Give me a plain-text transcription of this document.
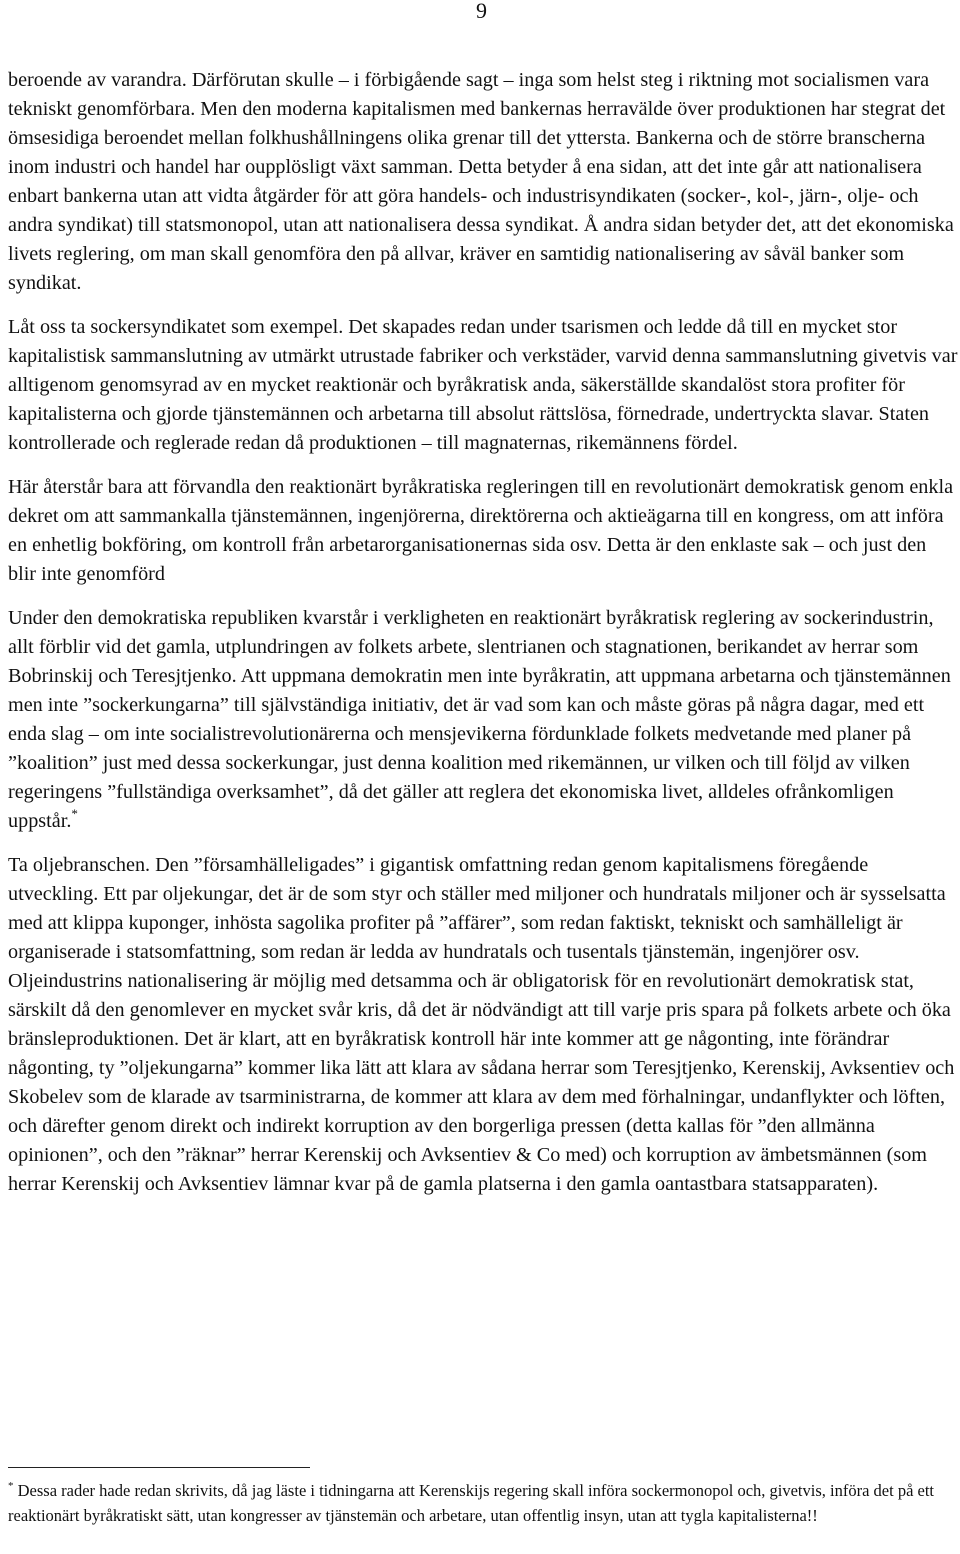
9

beroende av varandra. Därförutan skulle – i förbigående sagt – inga som helst steg i riktning mot socialismen vara tekniskt genomförbara. Men den moderna kapitalismen med bankernas herravälde över produktionen har stegrat det ömsesidiga beroendet mellan folkhushållningens olika grenar till det yttersta. Bankerna och de större branscherna inom industri och handel har oupplösligt växt samman. Detta betyder å ena sidan, att det inte går att nationalisera enbart bankerna utan att vidta åtgärder för att göra handels- och industrisyndikaten (socker-, kol-, järn-, olje- och andra syndikat) till statsmonopol, utan att nationalisera dessa syndikat. Å andra sidan betyder det, att det ekonomiska livets reglering, om man skall genomföra den på allvar, kräver en samtidig nationalisering av såväl banker som syndikat.

Låt oss ta sockersyndikatet som exempel. Det skapades redan under tsarismen och ledde då till en mycket stor kapitalistisk sammanslutning av utmärkt utrustade fabriker och verkstäder, varvid denna sammanslutning givetvis var alltigenom genomsyrad av en mycket reaktionär och byråkratisk anda, säkerställde skandalöst stora profiter för kapitalisterna och gjorde tjänstemännen och arbetarna till absolut rättslösa, förnedrade, undertryckta slavar. Staten kontrollerade och reglerade redan då produktionen – till magnaternas, rikemännens fördel.

Här återstår bara att förvandla den reaktionärt byråkratiska regleringen till en revolutionärt demokratisk genom enkla dekret om att sammankalla tjänstemännen, ingenjörerna, direktörerna och aktieägarna till en kongress, om att införa en enhetlig bokföring, om kontroll från arbetarorganisationernas sida osv. Detta är den enklaste sak – och just den blir inte genomförd

Under den demokratiska republiken kvarstår i verkligheten en reaktionärt byråkratisk reglering av sockerindustrin, allt förblir vid det gamla, utplundringen av folkets arbete, slentrianen och stagnationen, berikandet av herrar som Bobrinskij och Teresjtjenko. Att uppmana demokratin men inte byråkratin, att uppmana arbetarna och tjänstemännen men inte ”sockerkungarna” till självständiga initiativ, det är vad som kan och måste göras på några dagar, med ett enda slag – om inte socialistrevolutionärerna och mensjevikerna fördunklade folkets medvetande med planer på ”koalition” just med dessa sockerkungar, just denna koalition med rikemännen, ur vilken och till följd av vilken regeringens ”fullständiga overksamhet”, då det gäller att reglera det ekonomiska livet, alldeles ofrånkomligen uppstår.*

Ta oljebranschen. Den ”församhälleligades” i gigantisk omfattning redan genom kapitalismens föregående utveckling. Ett par oljekungar, det är de som styr och ställer med miljoner och hundratals miljoner och är sysselsatta med att klippa kuponger, inhösta sagolika profiter på ”affärer”, som redan faktiskt, tekniskt och samhälleligt är organiserade i statsomfattning, som redan är ledda av hundratals och tusentals tjänstemän, ingenjörer osv. Oljeindustrins nationalisering är möjlig med detsamma och är obligatorisk för en revolutionärt demokratisk stat, särskilt då den genomlever en mycket svår kris, då det är nödvändigt att till varje pris spara på folkets arbete och öka bränsleproduktionen. Det är klart, att en byråkratisk kontroll här inte kommer att ge någonting, inte förändrar någonting, ty ”oljekungarna” kommer lika lätt att klara av sådana herrar som Teresjtjenko, Kerenskij, Avksentiev och Skobelev som de klarade av tsarministrarna, de kommer att klara av dem med förhalningar, undanflykter och löften, och därefter genom direkt och indirekt korruption av den borgerliga pressen (detta kallas för ”den allmänna opinionen”, och den ”räknar” herrar Kerenskij och Avksentiev & Co med) och korruption av ämbetsmännen (som herrar Kerenskij och Avksentiev lämnar kvar på de gamla platserna i den gamla oantastbara statsapparaten).

* Dessa rader hade redan skrivits, då jag läste i tidningarna att Kerenskijs regering skall införa sockermonopol och, givetvis, införa det på ett reaktionärt byråkratiskt sätt, utan kongresser av tjänstemän och arbetare, utan offentlig insyn, utan att tygla kapitalisterna!!
